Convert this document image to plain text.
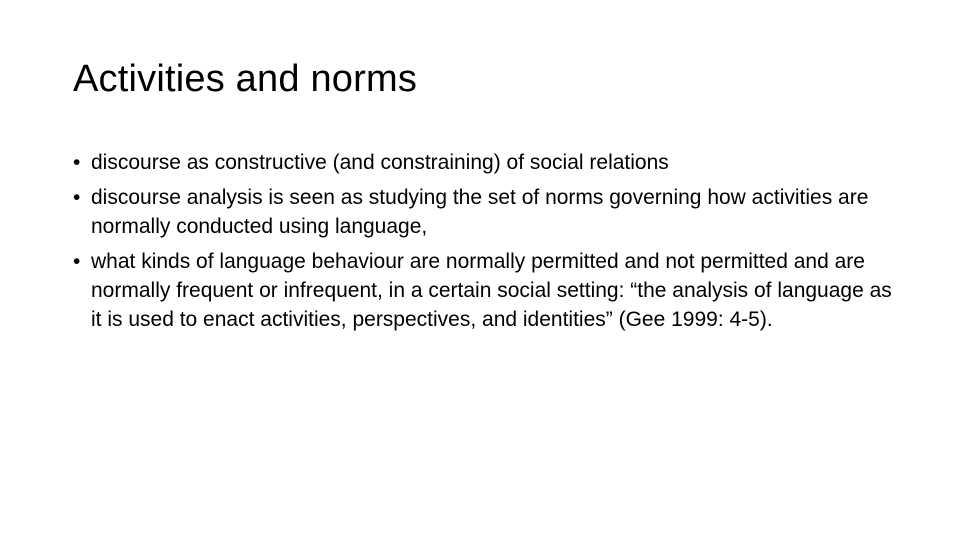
Activities and norms
• discourse as constructive (and constraining) of social relations
• discourse analysis is seen as studying the set of norms governing how activities are normally conducted using language,
• what kinds of language behaviour are normally permitted and not permitted and are normally frequent or infrequent, in a certain social setting: “the analysis of language as it is used to enact activities, perspectives, and identities” (Gee 1999: 4-5).
